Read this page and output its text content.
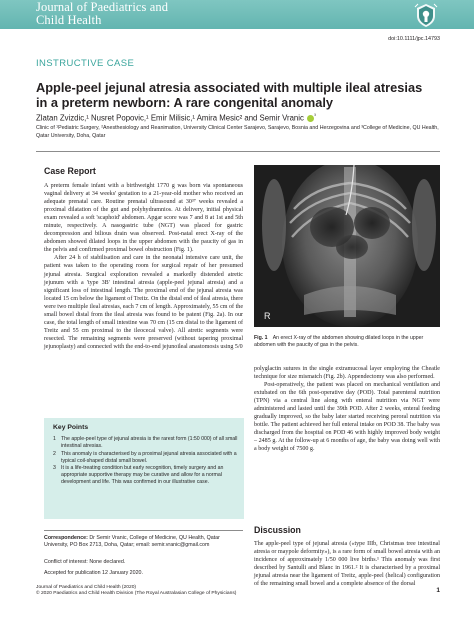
Journal of Paediatrics and
Child Health
doi:10.1111/jpc.14793
INSTRUCTIVE CASE
Apple-peel jejunal atresia associated with multiple ileal atresias in a preterm newborn: A rare congenital anomaly
Zlatan Zvizdic,¹ Nusret Popovic,¹ Emir Milisic,¹ Amira Mesic² and Semir Vranic $^{^3}$
Clinic of ¹Pediatric Surgery, ²Anesthesiology and Reanimation, University Clinical Center Sarajevo, Sarajevo, Bosnia and Herzegovina and ³College of Medicine, QU Health, Qatar University, Doha, Qatar
Case Report

A preterm female infant with a birthweight 1770 g was born via spontaneous vaginal delivery at 34 weeks' gestation to a 21-year-old mother who received an adequate prenatal care. Routine prenatal ultrasound at 30³⁷ weeks revealed a proximal dilatation of the gut and polyhydramnios. At delivery, initial physical exam revealed a soft 'scaphoid' abdomen. Apgar score was 7 and 8 at 1st and 5th minute, respectively. A nasogastric tube (NGT) was placed for gastric decompression and bilious drain was observed. Post-natal erect X-ray of the abdomen showed dilated loops in the upper abdomen with the paucity of gas in the pelvis and confirmed proximal bowel obstruction (Fig. 1).

After 24 h of stabilisation and care in the neonatal intensive care unit, the patient was taken to the operating room for surgical repair of her presumed jejunal atresia. Surgical exploration revealed a markedly distended atretic jejunum with a 'type 3B' intestinal atresia (apple-peel jejunal atresia) and a significant loss of intestinal length. The proximal end of the jejunal atresia was located 15 cm below the ligament of Treitz. On the distal end of ileal atresia, there were two multiple ileal atresias, each 7 cm of length. Approximately, 55 cm of the small bowel distal from the ileal atresia was found to be patent (Fig. 2a). In our case, the total length of small intestine was 70 cm (15 cm distal to the ligament of Treitz and 55 cm proximal to the ileocecal valve). All atretic segments were resected. The remaining segments were preserved (without tapering proximal jejunoplasty) and connected with the end-to-end jejunoileal anastomosis using 5/0

Key Points
1 The apple-peel type of jejunal atresia is the rarest form (1:50 000) of all small intestinal atresias.
2 This anomaly is characterised by a proximal jejunal atresia associated with a typical coil-shaped distal small bowel.
3 It is a life-treating condition but early recognition, timely surgery and an appropriate supportive therapy may be curative and allow for a normal development and life. This was confirmed in our illustrative case.
Correspondence: Dr Semir Vranic, College of Medicine, QU Health, Qatar University, PO Box 2713, Doha, Qatar; email: semir.vranic@gmail.com
Conflict of interest: None declared.
Accepted for publication 12 January 2020.
R
Fig. 1 An erect X-ray of the abdomen showing dilated loops in the upper abdomen with the paucity of gas in the pelvis.

polyglactin sutures in the single extramucosal layer employing the Cheatle technique for size mismatch (Fig. 2b). Appendectomy was also performed.

Post-operatively, the patient was placed on mechanical ventilation and extubated on the 6th post-operative day (POD). Total parenteral nutrition (TPN) via a central line along with enteral nutrition via NGT were administered and lasted until the 39th POD. After 2 weeks, enteral feeding gradually improved, so the baby later started receiving peroral nutrition via bottle. The patient achieved her full enteral intake on POD 38. The baby was discharged from the hospital on POD 46 with highly improved body weight – 2485 g. At the follow-up at 6 months of age, the baby was doing well with a body weight of 7500 g.

Discussion
The apple-peel type of jejunal atresia («type IIIb, Christmas tree intestinal atresia or maypole deformity»), is a rare form of small bowel atresia with an incidence of approximately 1/50 000 live births.¹ This anomaly was first described by Santulli and Blanc in 1961.² It is characterised by a proximal jejunal atresia near the ligament of Treitz, apple-peel (helical) configuration of the remaining small bowel and a complete absence of the dorsal
Journal of Paediatrics and Child Health (2020)
© 2020 Paediatrics and Child Health Division (The Royal Australasian College of Physicians)	1
